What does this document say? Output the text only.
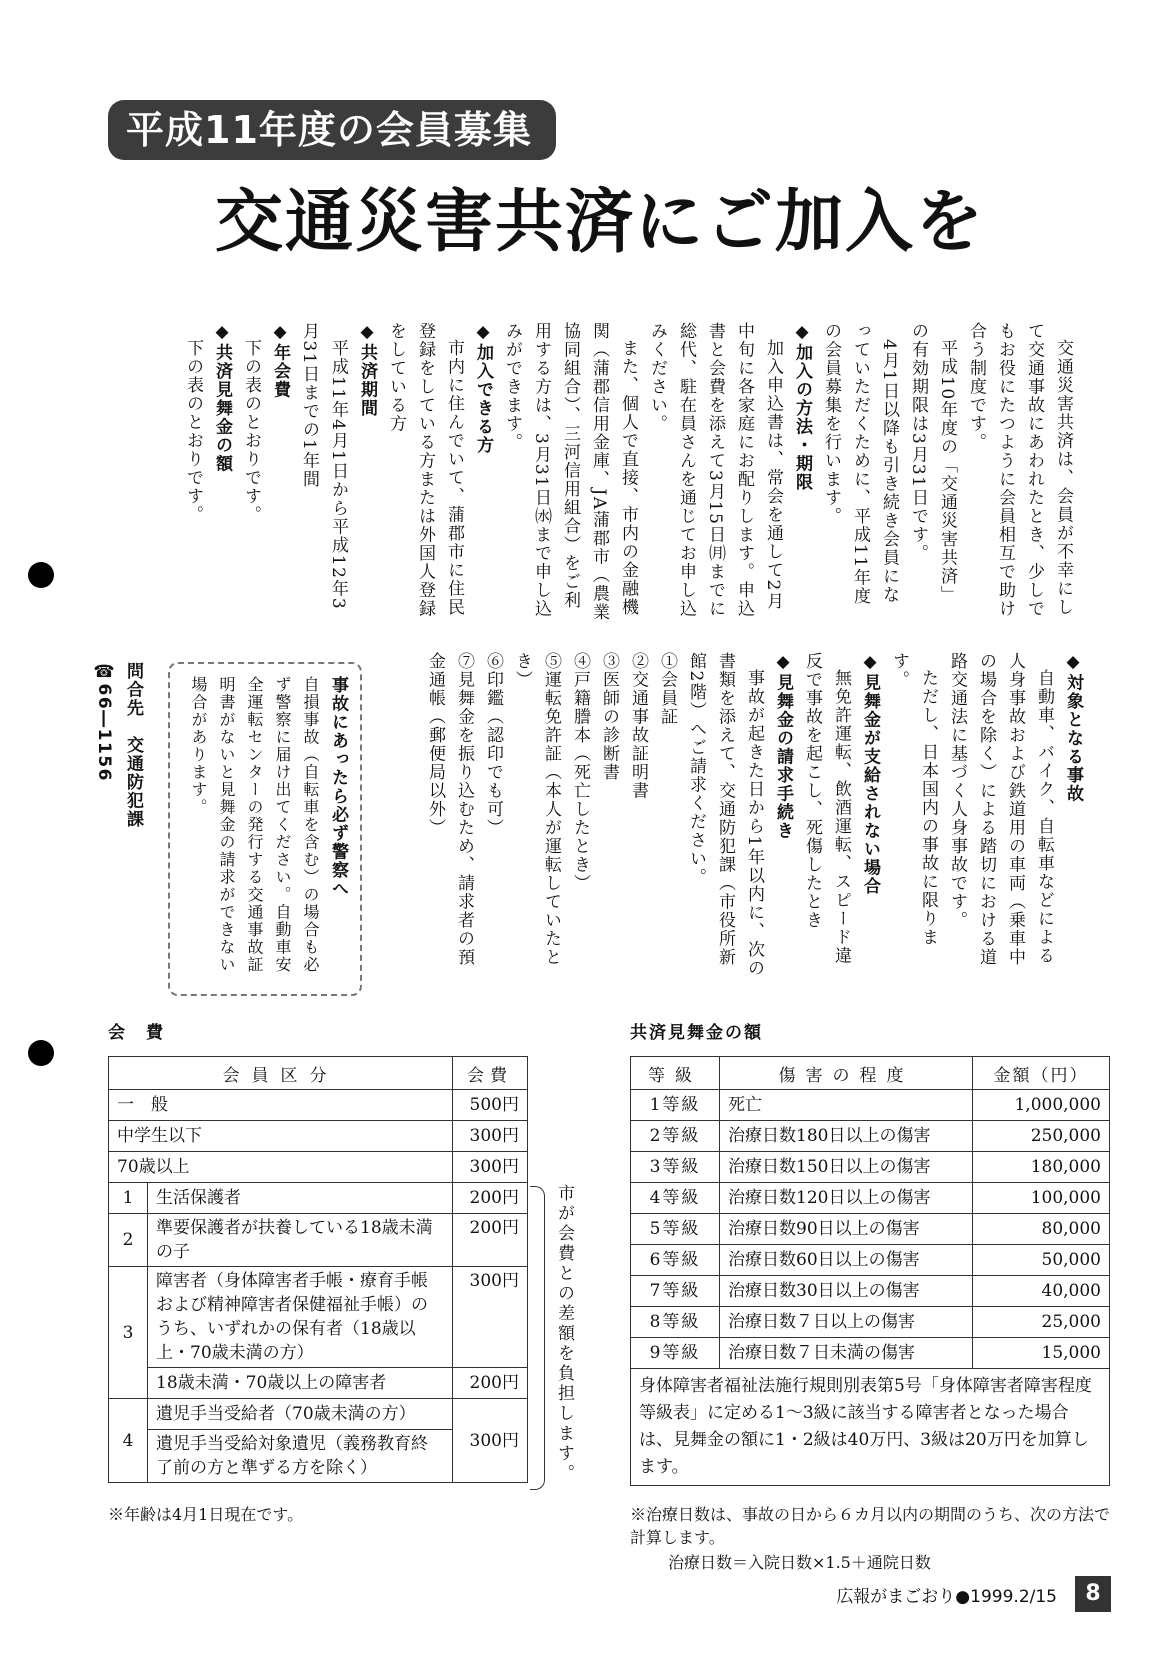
平成11年度の会員募集
交通災害共済にご加入を

交通災害共済は、会員が不幸にして交通事故にあわれたとき、少しでもお役にたつように会員相互で助け合う制度です。

平成10年度の「交通災害共済」の有効期限は3月31日です。

4月1日以降も引き続き会員になっていただくために、平成11年度の会員募集を行います。

◆加入の方法・期限

加入申込書は、常会を通して2月中旬に各家庭にお配りします。申込書と会費を添えて3月15日㈪までに総代、駐在員さんを通じてお申し込みください。

また、個人で直接、市内の金融機関（蒲郡信用金庫、JA蒲郡市（農業協同組合）、三河信用組合）をご利用する方は、3月31日㈬まで申し込みができます。

◆加入できる方

市内に住んでいて、蒲郡市に住民登録をしている方または外国人登録をしている方

◆共済期間

平成11年4月1日から平成12年3月31日までの1年間

◆年会費

下の表のとおりです。

◆共済見舞金の額

下の表のとおりです。

◆対象となる事故

自動車、バイク、自転車などによる人身事故および鉄道用の車両（乗車中の場合を除く）による踏切における道路交通法に基づく人身事故です。

ただし、日本国内の事故に限ります。

◆見舞金が支給されない場合

無免許運転、飲酒運転、スピード違反で事故を起こし、死傷したとき

◆見舞金の請求手続き

事故が起きた日から1年以内に、次の書類を添えて、交通防犯課（市役所新館2階）へご請求ください。

①会員証

②交通事故証明書

③医師の診断書

④戸籍謄本（死亡したとき）

⑤運転免許証（本人が運転していたとき）

⑥印鑑（認印でも可）

⑦見舞金を振り込むため、請求者の預金通帳（郵便局以外）

事故にあったら必ず警察へ

自損事故（自転車を含む）の場合も必ず警察に届け出てください。自動車安全運転センターの発行する交通事故証明書がないと見舞金の請求ができない場合があります。

問合先　交通防犯課
☎66―1156
会　費
会員区分		会費
一　般		500円
中学生以下		300円
70歳以上		300円
1	生活保護者	200円
2	準要保護者が扶養している18歳未満の子	200円
3	障害者（身体障害者手帳・療育手帳および精神障害者保健福祉手帳）のうち、いずれかの保有者（18歳以上・70歳未満の方）	300円
	18歳未満・70歳以上の障害者	200円
4	遺児手当受給者（70歳未満の方）	300円
	遺児手当受給対象遺児（義務教育終了前の方と準ずる方を除く）		市が会費との差額を負担します。
※年齢は4月1日現在です。
共済見舞金の額
等級	傷害の程度	金額（円）
1等級	死亡	1,000,000
2等級	治療日数180日以上の傷害	250,000
3等級	治療日数150日以上の傷害	180,000
4等級	治療日数120日以上の傷害	100,000
5等級	治療日数90日以上の傷害	80,000
6等級	治療日数60日以上の傷害	50,000
7等級	治療日数30日以上の傷害	40,000
8等級	治療日数７日以上の傷害	25,000
9等級	治療日数７日未満の傷害	15,000
身体障害者福祉法施行規則別表第5号「身体障害者障害程度等級表」に定める1～3級に該当する障害者となった場合は、見舞金の額に1・2級は40万円、3級は20万円を加算します。		
※治療日数は、事故の日から６カ月以内の期間のうち、次の方法で計算します。
治療日数＝入院日数×1.5＋通院日数
広報がまごおり●1999.2/15	8
